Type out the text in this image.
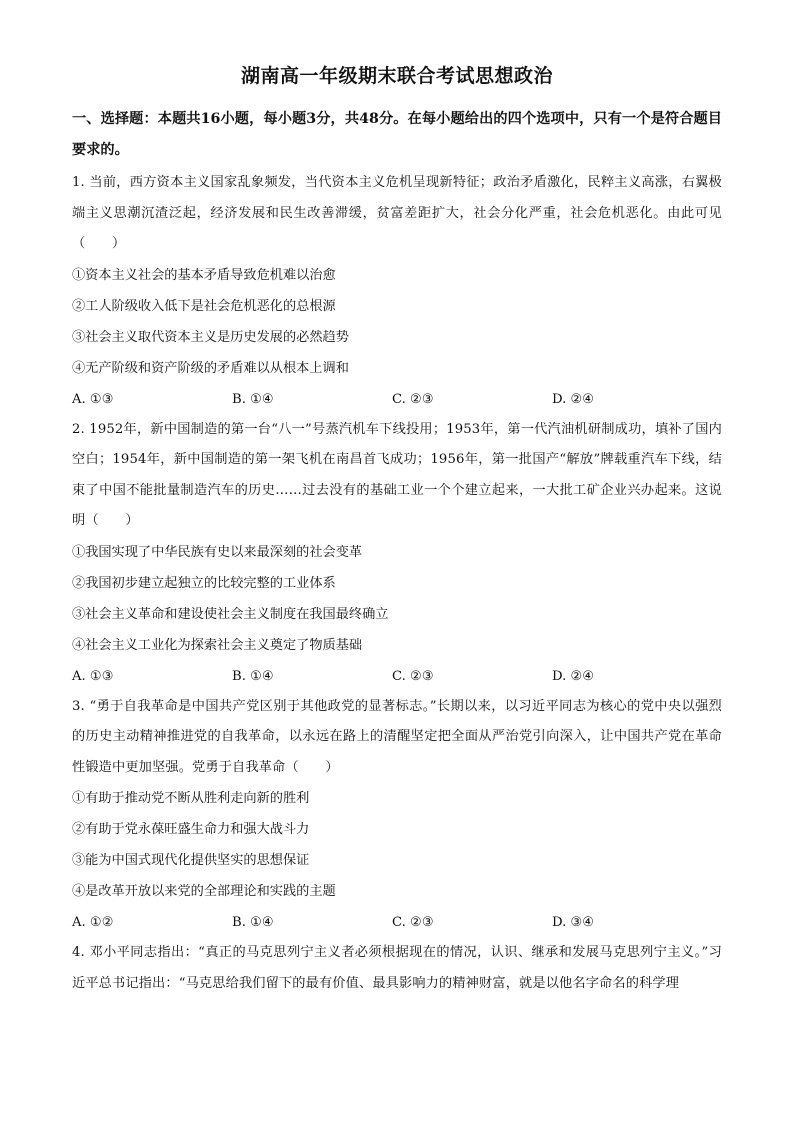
湖南高一年级期末联合考试思想政治
一、选择题：本题共16小题，每小题3分，共48分。在每小题给出的四个选项中，只有一个是符合题目要求的。

1. 当前，西方资本主义国家乱象频发，当代资本主义危机呈现新特征；政治矛盾激化，民粹主义高涨，右翼极端主义思潮沉渣泛起，经济发展和民生改善滞缓，贫富差距扩大，社会分化严重，社会危机恶化。由此可见（　　）

①资本主义社会的基本矛盾导致危机难以治愈

②工人阶级收入低下是社会危机恶化的总根源

③社会主义取代资本主义是历史发展的必然趋势

④无产阶级和资产阶级的矛盾难以从根本上调和

A. ①③	B. ①④	C. ②③	D. ②④

2. 1952年，新中国制造的第一台“八一”号蒸汽机车下线投用；1953年，第一代汽油机研制成功，填补了国内空白；1954年，新中国制造的第一架飞机在南昌首飞成功；1956年，第一批国产“解放”牌载重汽车下线，结束了中国不能批量制造汽车的历史……过去没有的基础工业一个个建立起来，一大批工矿企业兴办起来。这说明（　　）

①我国实现了中华民族有史以来最深刻的社会变革

②我国初步建立起独立的比较完整的工业体系

③社会主义革命和建设使社会主义制度在我国最终确立

④社会主义工业化为探索社会主义奠定了物质基础

A. ①③	B. ①④	C. ②③	D. ②④

3. “勇于自我革命是中国共产党区别于其他政党的显著标志。”长期以来，以习近平同志为核心的党中央以强烈的历史主动精神推进党的自我革命，以永远在路上的清醒坚定把全面从严治党引向深入，让中国共产党在革命性锻造中更加坚强。党勇于自我革命（　　）

①有助于推动党不断从胜利走向新的胜利

②有助于党永葆旺盛生命力和强大战斗力

③能为中国式现代化提供坚实的思想保证

④是改革开放以来党的全部理论和实践的主题

A. ①②	B. ①④	C. ②③	D. ③④

4. 邓小平同志指出：“真正的马克思列宁主义者必须根据现在的情况，认识、继承和发展马克思列宁主义。”习近平总书记指出：“马克思给我们留下的最有价值、最具影响力的精神财富，就是以他名字命名的科学理
